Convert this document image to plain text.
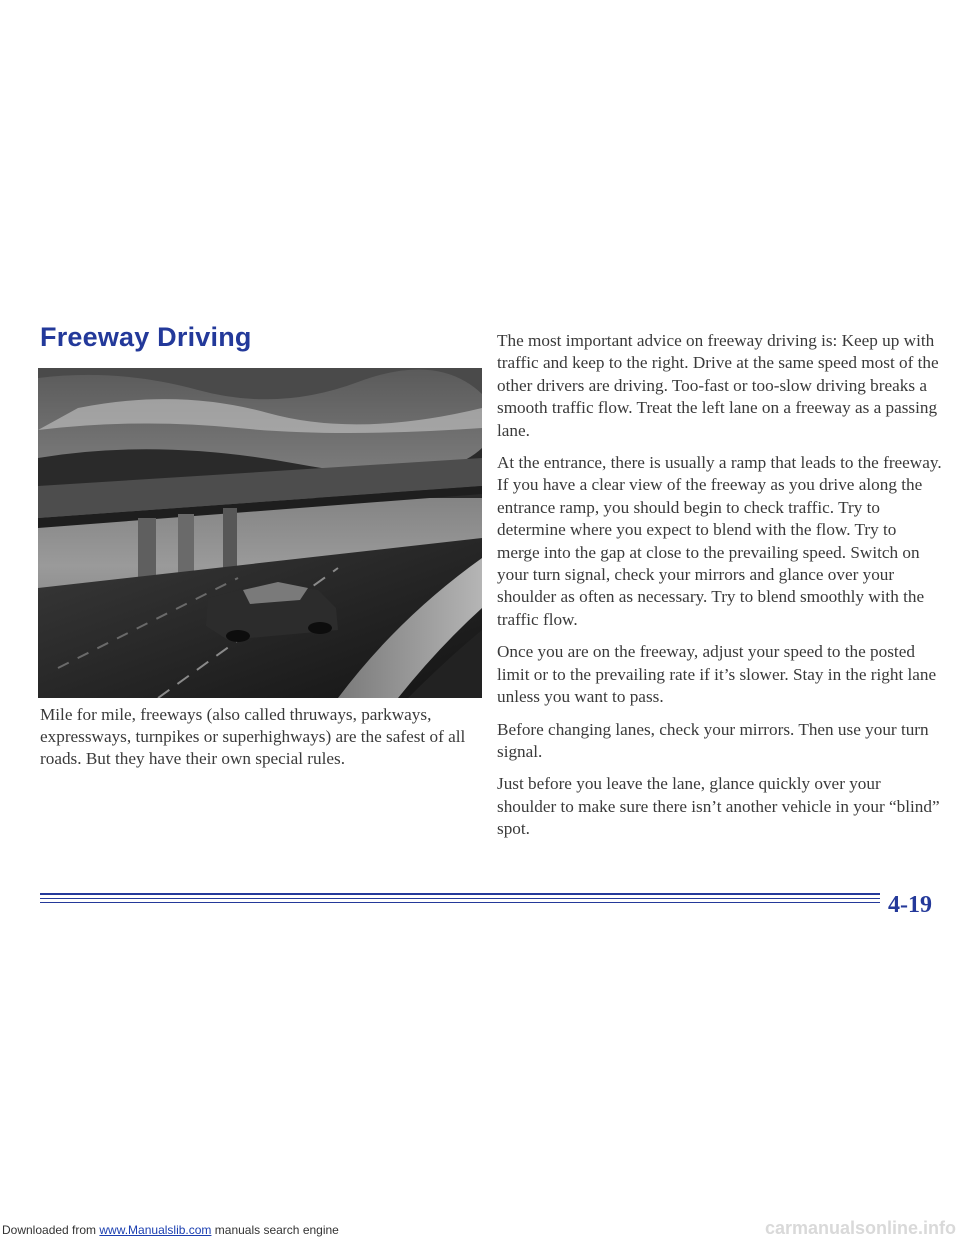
Freeway Driving

Mile for mile, freeways (also called thruways, parkways, expressways, turnpikes or superhighways) are the safest of all roads. But they have their own special rules.

The most important advice on freeway driving is: Keep up with traffic and keep to the right. Drive at the same speed most of the other drivers are driving. Too-fast or too-slow driving breaks a smooth traffic flow. Treat the left lane on a freeway as a passing lane.

At the entrance, there is usually a ramp that leads to the freeway. If you have a clear view of the freeway as you drive along the entrance ramp, you should begin to check traffic. Try to determine where you expect to blend with the flow. Try to merge into the gap at close to the prevailing speed. Switch on your turn signal, check your mirrors and glance over your shoulder as often as necessary. Try to blend smoothly with the traffic flow.

Once you are on the freeway, adjust your speed to the posted limit or to the prevailing rate if it’s slower. Stay in the right lane unless you want to pass.

Before changing lanes, check your mirrors. Then use your turn signal.

Just before you leave the lane, glance quickly over your shoulder to make sure there isn’t another vehicle in your “blind” spot.

4-19
Downloaded from www.Manualslib.com manuals search engine	carmanualsonline.info
